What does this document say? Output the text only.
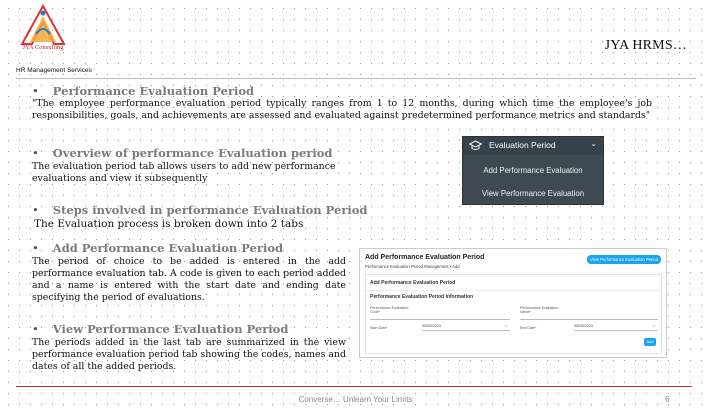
JYA Consulting	JYA HRMS…
HR Management Services
• Performance Evaluation Period
"The employee performance evaluation period typically ranges from 1 to 12 months, during which time the employee's job responsibilities, goals, and achievements are assessed and evaluated against predetermined performance metrics and standards"
• Overview of performance Evaluation period
The evaluation period tab allows users to add new performance evaluations and view it subsequently
Evaluation Period	⌄
Add Performance Evaluation
View Performance Evaluation
• Steps involved in performance Evaluation Period
The Evaluation process is broken down into 2 tabs
• Add Performance Evaluation Period
The period of choice to be added is entered in the add performance evaluation tab. A code is given to each period added and a name is entered with the start date and ending date specifying the period of evaluations.
Add Performance Evaluation Period
Performance Evaluation Period Management • Add
View Performance Evaluation Period
Add Performance Evaluation Period
Performance Evaluation Period Information
Performance Evaluation Code*
Performance Evaluation Name*
Start Date*	05/05/2024	▫	End Date*	05/08/2024	▫
Add
• View Performance Evaluation Period
The periods added in the last tab are summarized in the view performance evaluation period tab showing the codes, names and dates of all the added periods.
Converse… Unlearn Your Limits	6
